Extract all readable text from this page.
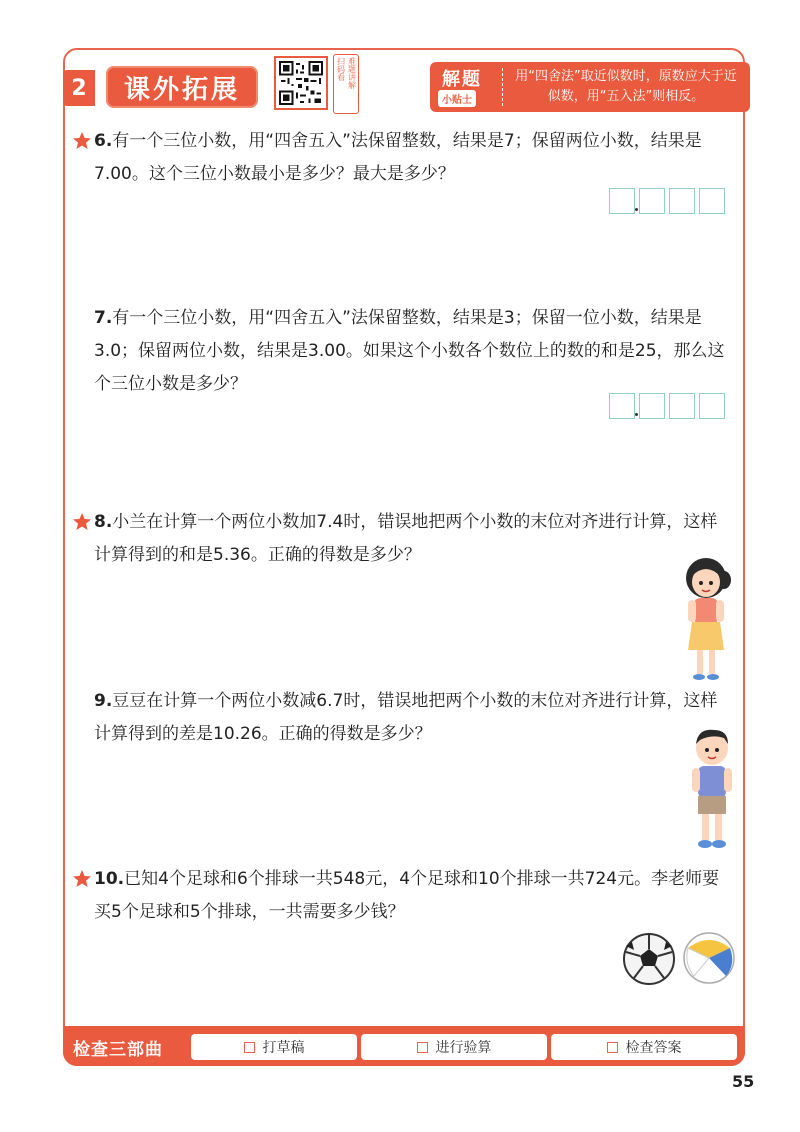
2	课外拓展
扫码看 难题讲解	解题
小贴士
用“四舍法”取近似数时，原数应大于近似数，用“五入法”则相反。
6.有一个三位小数，用“四舍五入”法保留整数，结果是7；保留两位小数，结果是7.00。这个三位小数最小是多少？最大是多少？
7.有一个三位小数，用“四舍五入”法保留整数，结果是3；保留一位小数，结果是3.0；保留两位小数，结果是3.00。如果这个小数各个数位上的数的和是25，那么这个三位小数是多少？
8.小兰在计算一个两位小数加7.4时，错误地把两个小数的末位对齐进行计算，这样计算得到的和是5.36。正确的得数是多少？
9.豆豆在计算一个两位小数减6.7时，错误地把两个小数的末位对齐进行计算，这样计算得到的差是10.26。正确的得数是多少？
10.已知4个足球和6个排球一共548元，4个足球和10个排球一共724元。李老师要买5个足球和5个排球，一共需要多少钱？
检查三部曲	打草稿	进行验算	检查答案
55
